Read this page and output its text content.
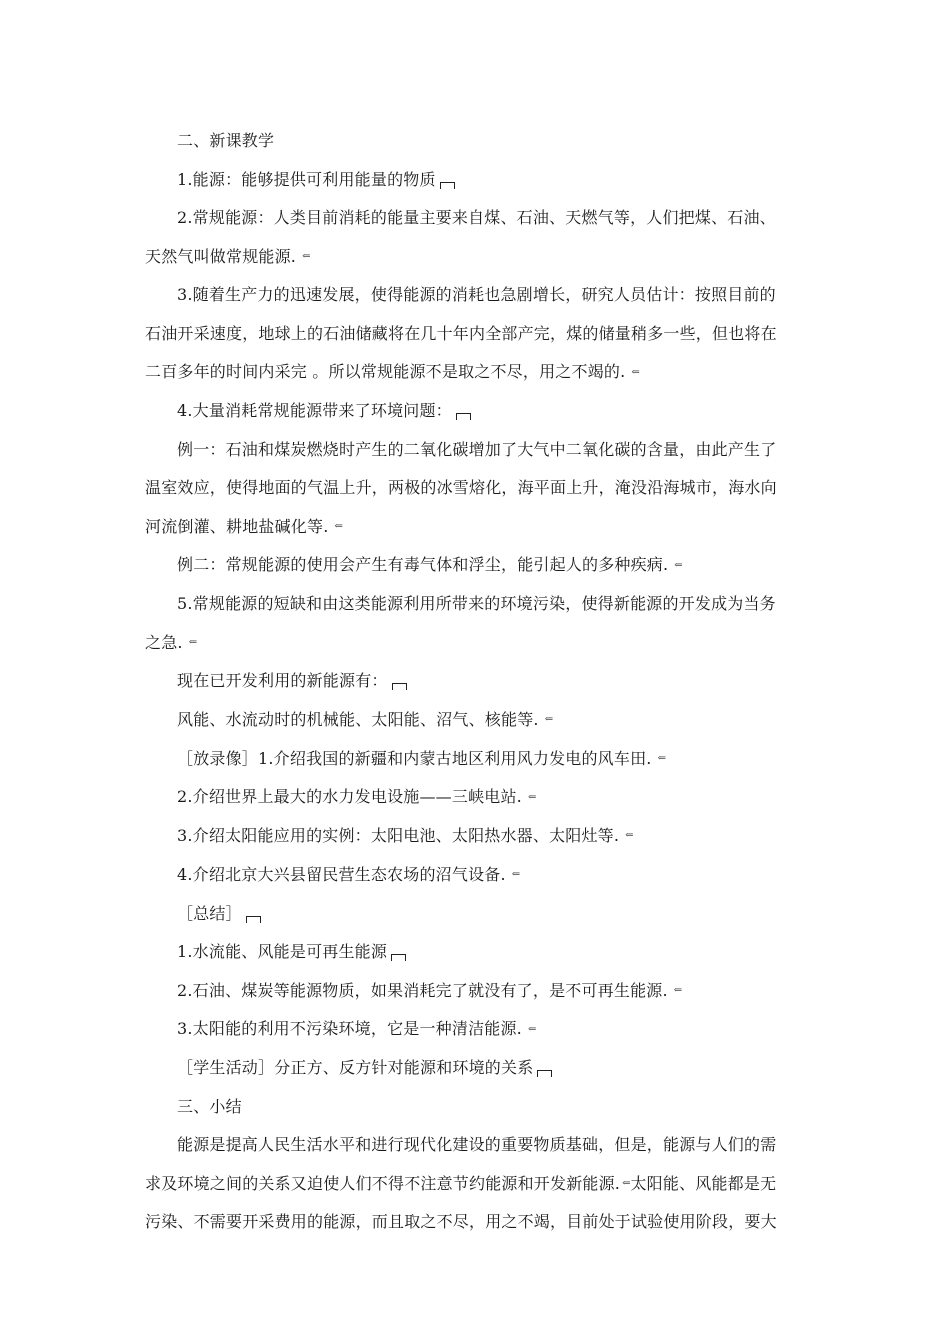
二、新课教学

1.能源：能够提供可利用能量的物质

2.常规能源：人类目前消耗的能量主要来自煤、石油、天燃气等，人们把煤、石油、

天然气叫做常规能源. ⇐

3.随着生产力的迅速发展，使得能源的消耗也急剧增长，研究人员估计：按照目前的

石油开采速度，地球上的石油储藏将在几十年内全部产完，煤的储量稍多一些，但也将在

二百多年的时间内采完 。所以常规能源不是取之不尽，用之不竭的. ⇐

4.大量消耗常规能源带来了环境问题：

例一：石油和煤炭燃烧时产生的二氧化碳增加了大气中二氧化碳的含量，由此产生了

温室效应，使得地面的气温上升，两极的冰雪熔化，海平面上升，淹没沿海城市，海水向

河流倒灌、耕地盐碱化等. ⇐

例二：常规能源的使用会产生有毒气体和浮尘，能引起人的多种疾病. ⇐

5.常规能源的短缺和由这类能源利用所带来的环境污染，使得新能源的开发成为当务

之急. ⇐

现在已开发利用的新能源有：

风能、水流动时的机械能、太阳能、沼气、核能等. ⇐

［放录像］1.介绍我国的新疆和内蒙古地区利用风力发电的风车田. ⇐

2.介绍世界上最大的水力发电设施——三峡电站. ⇐

3.介绍太阳能应用的实例：太阳电池、太阳热水器、太阳灶等. ⇐

4.介绍北京大兴县留民营生态农场的沼气设备. ⇐

［总结］

1.水流能、风能是可再生能源

2.石油、煤炭等能源物质，如果消耗完了就没有了，是不可再生能源. ⇐

3.太阳能的利用不污染环境，它是一种清洁能源. ⇐

［学生活动］分正方、反方针对能源和环境的关系

三、小结

能源是提高人民生活水平和进行现代化建设的重要物质基础，但是，能源与人们的需

求及环境之间的关系又迫使人们不得不注意节约能源和开发新能源. ⇐太阳能、风能都是无

污染、不需要开采费用的能源，而且取之不尽，用之不竭，目前处于试验使用阶段，要大
